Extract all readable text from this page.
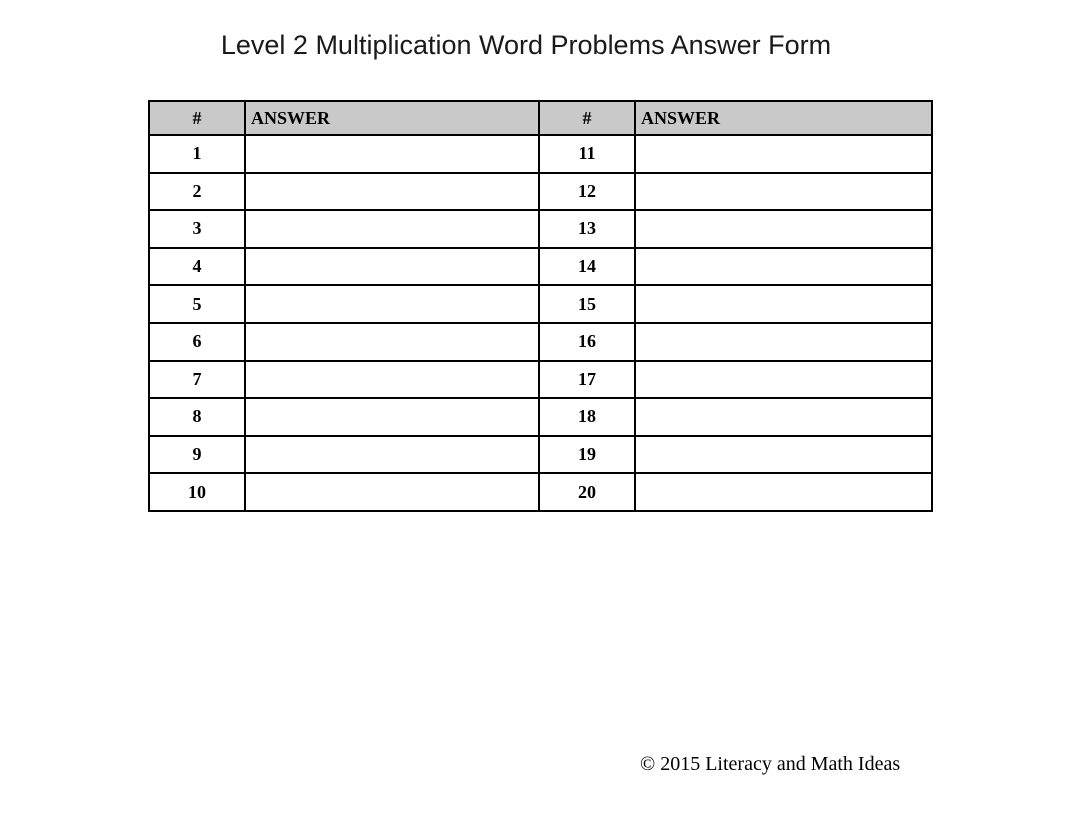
Level 2 Multiplication Word Problems Answer Form
#	ANSWER	#	ANSWER
1		11	
2		12	
3		13	
4		14	
5		15	
6		16	
7		17	
8		18	
9		19	
10		20	
© 2015 Literacy and Math Ideas
